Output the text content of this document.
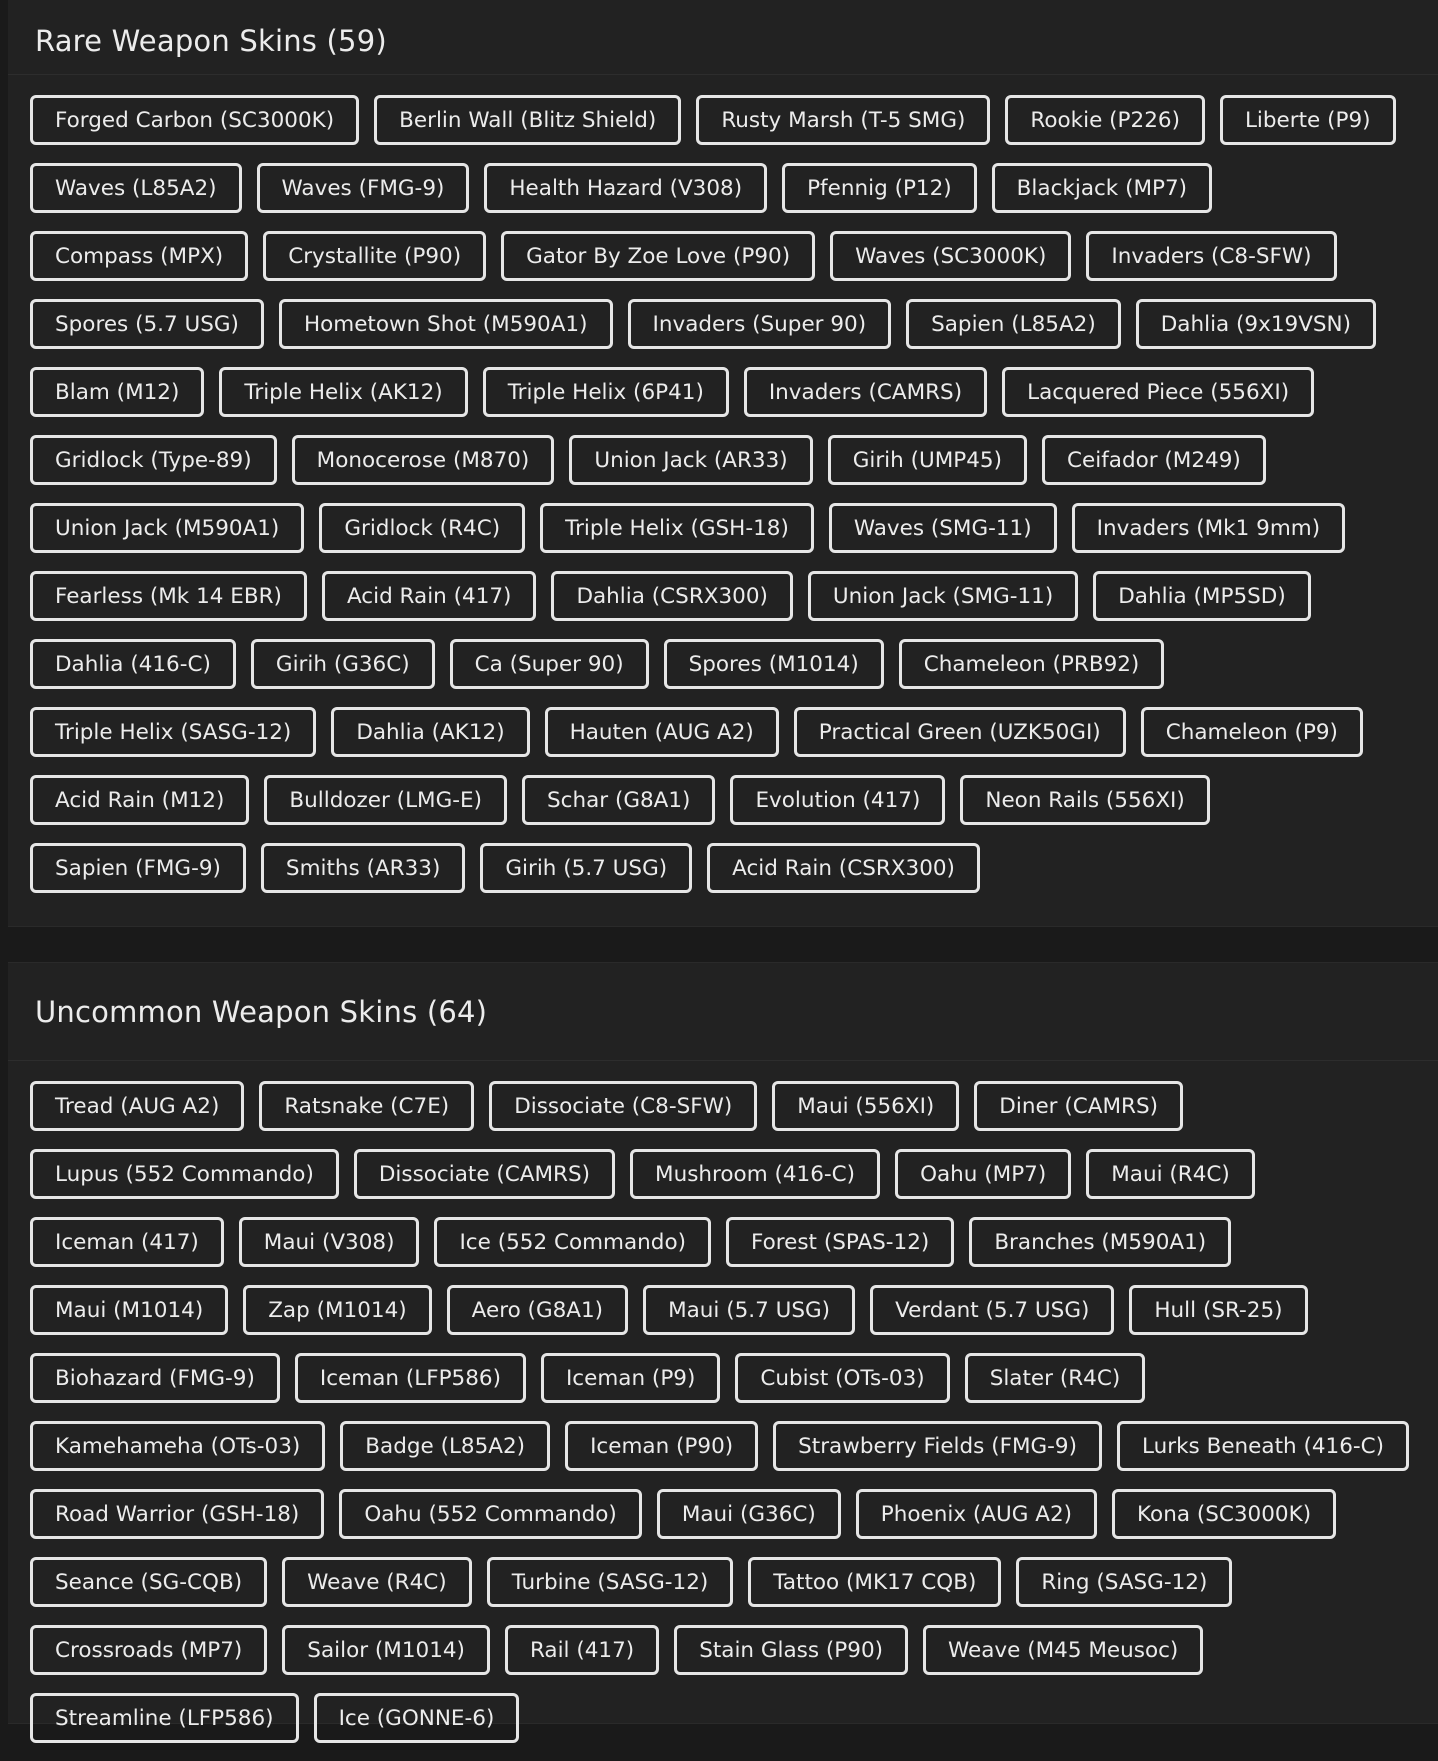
Rare Weapon Skins (59)
Forged Carbon (SC3000K)	Berlin Wall (Blitz Shield)	Rusty Marsh (T-5 SMG)	Rookie (P226)	Liberte (P9)
Waves (L85A2)	Waves (FMG-9)	Health Hazard (V308)	Pfennig (P12)	Blackjack (MP7)
Compass (MPX)	Crystallite (P90)	Gator By Zoe Love (P90)	Waves (SC3000K)	Invaders (C8-SFW)
Spores (5.7 USG)	Hometown Shot (M590A1)	Invaders (Super 90)	Sapien (L85A2)	Dahlia (9x19VSN)
Blam (M12)	Triple Helix (AK12)	Triple Helix (6P41)	Invaders (CAMRS)	Lacquered Piece (556XI)
Gridlock (Type-89)	Monocerose (M870)	Union Jack (AR33)	Girih (UMP45)	Ceifador (M249)
Union Jack (M590A1)	Gridlock (R4C)	Triple Helix (GSH-18)	Waves (SMG-11)	Invaders (Mk1 9mm)
Fearless (Mk 14 EBR)	Acid Rain (417)	Dahlia (CSRX300)	Union Jack (SMG-11)	Dahlia (MP5SD)
Dahlia (416-C)	Girih (G36C)	Ca (Super 90)	Spores (M1014)	Chameleon (PRB92)
Triple Helix (SASG-12)	Dahlia (AK12)	Hauten (AUG A2)	Practical Green (UZK50GI)	Chameleon (P9)
Acid Rain (M12)	Bulldozer (LMG-E)	Schar (G8A1)	Evolution (417)	Neon Rails (556XI)
Sapien (FMG-9)	Smiths (AR33)	Girih (5.7 USG)	Acid Rain (CSRX300)
Uncommon Weapon Skins (64)
Tread (AUG A2)	Ratsnake (C7E)	Dissociate (C8-SFW)	Maui (556XI)	Diner (CAMRS)
Lupus (552 Commando)	Dissociate (CAMRS)	Mushroom (416-C)	Oahu (MP7)	Maui (R4C)
Iceman (417)	Maui (V308)	Ice (552 Commando)	Forest (SPAS-12)	Branches (M590A1)
Maui (M1014)	Zap (M1014)	Aero (G8A1)	Maui (5.7 USG)	Verdant (5.7 USG)	Hull (SR-25)
Biohazard (FMG-9)	Iceman (LFP586)	Iceman (P9)	Cubist (OTs-03)	Slater (R4C)
Kamehameha (OTs-03)	Badge (L85A2)	Iceman (P90)	Strawberry Fields (FMG-9)	Lurks Beneath (416-C)
Road Warrior (GSH-18)	Oahu (552 Commando)	Maui (G36C)	Phoenix (AUG A2)	Kona (SC3000K)
Seance (SG-CQB)	Weave (R4C)	Turbine (SASG-12)	Tattoo (MK17 CQB)	Ring (SASG-12)
Crossroads (MP7)	Sailor (M1014)	Rail (417)	Stain Glass (P90)	Weave (M45 Meusoc)
Streamline (LFP586)	Ice (GONNE-6)
